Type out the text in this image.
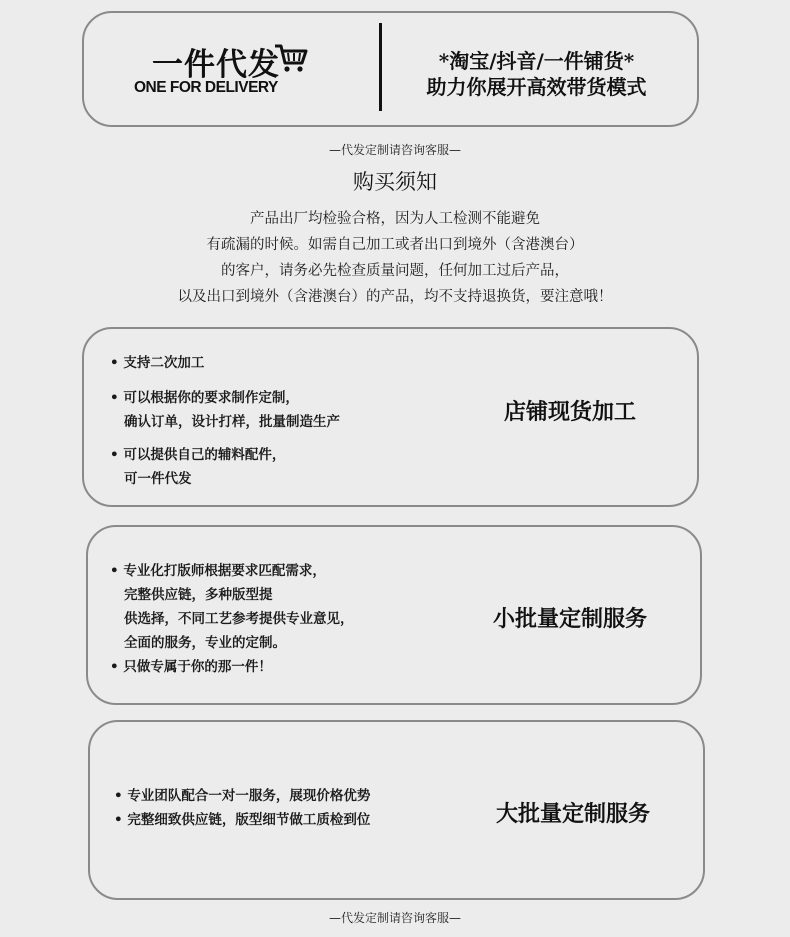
一件代发
ONE FOR DELIVERY
*淘宝/抖音/一件铺货*
助力你展开高效带货模式
—代发定制请咨询客服—
购买须知
产品出厂均检验合格，因为人工检测不能避免
有疏漏的时候。如需自己加工或者出口到境外（含港澳台）
的客户，请务必先检查质量问题，任何加工过后产品，
以及出口到境外（含港澳台）的产品，均不支持退换货，要注意哦！
• 支持二次加工
• 可以根据你的要求制作定制，
确认订单，设计打样，批量制造生产
• 可以提供自己的辅料配件，
可一件代发
店铺现货加工
• 专业化打版师根据要求匹配需求，
完整供应链，多种版型提
供选择，不同工艺参考提供专业意见，
全面的服务，专业的定制。
• 只做专属于你的那一件！
小批量定制服务
• 专业团队配合一对一服务，展现价格优势
• 完整细致供应链，版型细节做工质检到位	大批量定制服务
—代发定制请咨询客服—
